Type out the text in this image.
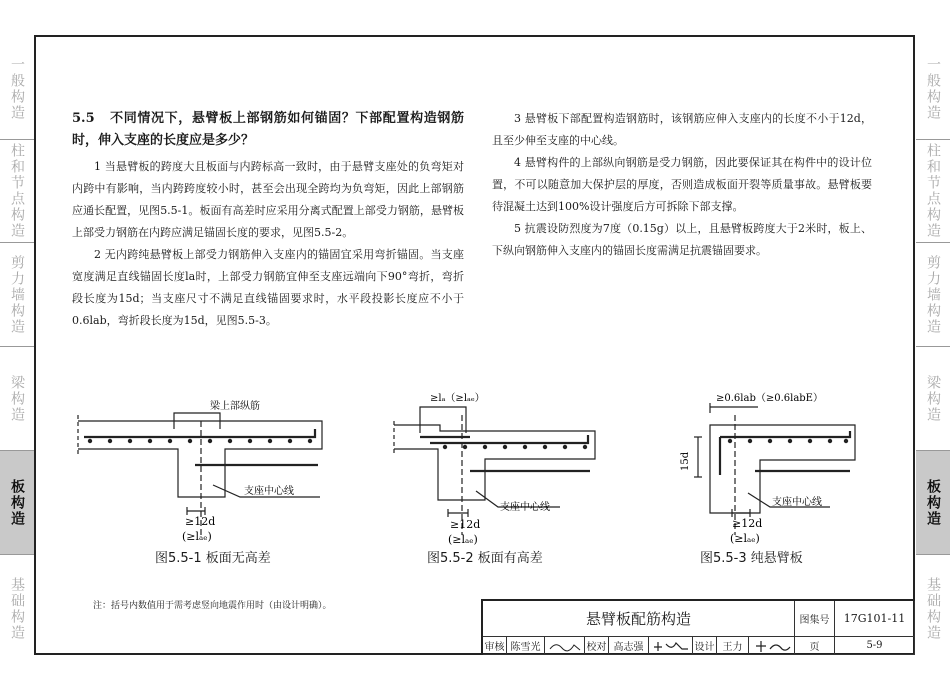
一般构造
柱和节点构造
剪力墙构造
梁构造
板构造
基础构造
一般构造
柱和节点构造
剪力墙构造
梁构造
板构造
基础构造

5.5 不同情况下，悬臂板上部钢筋如何锚固？下部配置构造钢筋时，伸入支座的长度应是多少？

1 当悬臂板的跨度大且板面与内跨标高一致时，由于悬臂支座处的负弯矩对内跨中有影响，当内跨跨度较小时，甚至会出现全跨均为负弯矩，因此上部钢筋应通长配置，见图5.5-1。板面有高差时应采用分离式配置上部受力钢筋，悬臂板上部受力钢筋在内跨应满足锚固长度的要求，见图5.5-2。

2 无内跨纯悬臂板上部受力钢筋伸入支座内的锚固宜采用弯折锚固。当支座宽度满足直线锚固长度la时，上部受力钢筋宜伸至支座远端向下90°弯折，弯折段长度为15d；当支座尺寸不满足直线锚固要求时，水平段投影长度应不小于0.6lab，弯折段长度为15d，见图5.5-3。

3 悬臂板下部配置构造钢筋时，该钢筋应伸入支座内的长度不小于12d，且至少伸至支座的中心线。

4 悬臂构件的上部纵向钢筋是受力钢筋，因此要保证其在构件中的设计位置，不可以随意加大保护层的厚度，否则造成板面开裂等质量事故。悬臂板要待混凝土达到100%设计强度后方可拆除下部支撑。

5 抗震设防烈度为7度（0.15g）以上，且悬臂板跨度大于2米时，板上、下纵向钢筋伸入支座内的锚固长度需满足抗震锚固要求。

梁上部纵筋
支座中心线
≥12d
(≥lₐₑ)
图5.5-1 板面无高差
≥lₐ（≥lₐₑ）
支座中心线
≥12d
(≥lₐₑ)
图5.5-2 板面有高差
≥0.6lab（≥0.6labE）
15d
支座中心线
≥12d
(≥lₐₑ)
图5.5-3 纯悬臂板
注：括号内数值用于需考虑竖向地震作用时（由设计明确）。
悬臂板配筋构造	图集号	17G101-11
审核 陈雪光	校对 高志强	设计 王力	页	5-9
